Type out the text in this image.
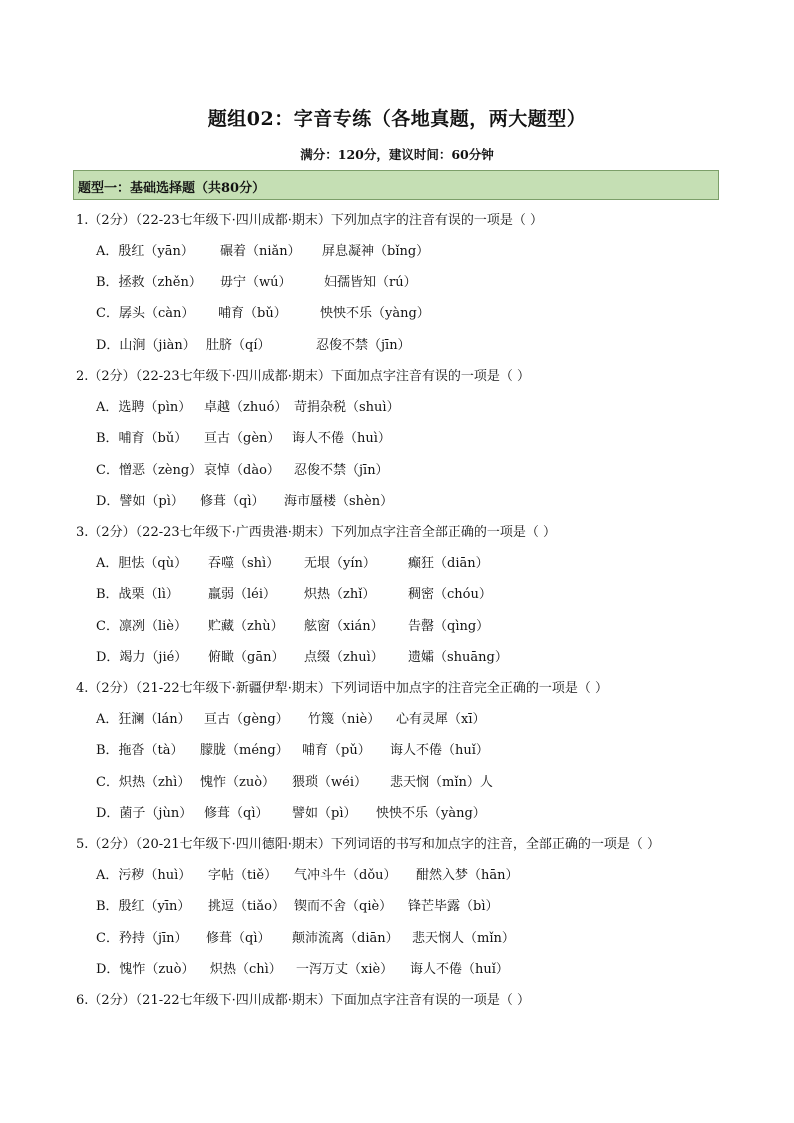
题组02：字音专练（各地真题，两大题型）
满分：120分，建议时间：60分钟
题型一：基础选择题（共80分）
1.（2分）（22-23七年级下·四川成都·期末）下列加点字的注音有误的一项是（ ）
A．殷红（yān） 碾着（niǎn） 屏息凝神（bǐng）
B．拯救（zhěn） 毋宁（wú） 妇孺皆知（rú）
C．孱头（càn） 哺育（bǔ）	怏怏不乐（yàng）
D．山涧（jiàn） 肚脐（qí）	忍俊不禁（jīn）
2.（2分）（22-23七年级下·四川成都·期末）下面加点字注音有误的一项是（ ）
A．选聘（pìn） 卓越（zhuó） 苛捐杂税（shuì）
B．哺育（bǔ） 亘古（gèn） 诲人不倦（huì）
C．憎恶（zèng） 哀悼（dào） 忍俊不禁（jīn）
D．譬如（pì） 修葺（qì） 海市蜃楼（shèn）
3.（2分）（22-23七年级下·广西贵港·期末）下列加点字注音全部正确的一项是（ ）
A．胆怯（qù） 吞噬（shì） 无垠（yín） 癫狂（diān）
B．战栗（lì） 羸弱（léi） 炽热（zhǐ）	稠密（chóu）
C．凛冽（liè） 贮藏（zhù） 舷窗（xián） 告罄（qìng）
D．竭力（jié） 俯瞰（gān） 点缀（zhuì） 遗孀（shuāng）
4.（2分）（21-22七年级下·新疆伊犁·期末）下列词语中加点字的注音完全正确的一项是（ ）
A．狂澜（lán） 亘古（gèng） 竹篾（niè） 心有灵犀（xī）
B．拖沓（tà） 朦胧（méng） 哺育（pǔ） 诲人不倦（huǐ）
C．炽热（zhì） 愧怍（zuò） 猥琐（wéi） 悲天悯（mǐn）人
D．菌子（jùn） 修葺（qì） 譬如（pì） 怏怏不乐（yàng）
5.（2分）（20-21七年级下·四川德阳·期末）下列词语的书写和加点字的注音，全部正确的一项是（ ）
A．污秽（huì） 字帖（tiě） 气冲斗牛（dǒu） 酣然入梦（hān）
B．殷红（yīn） 挑逗（tiǎo） 锲而不舍（qiè） 锋芒毕露（bì）
C．矜持（jīn） 修葺（qì） 颠沛流离（diān） 悲天悯人（mǐn）
D．愧怍（zuò） 炽热（chì） 一泻万丈（xiè） 诲人不倦（huǐ）
6.（2分）（21-22七年级下·四川成都·期末）下面加点字注音有误的一项是（ ）
